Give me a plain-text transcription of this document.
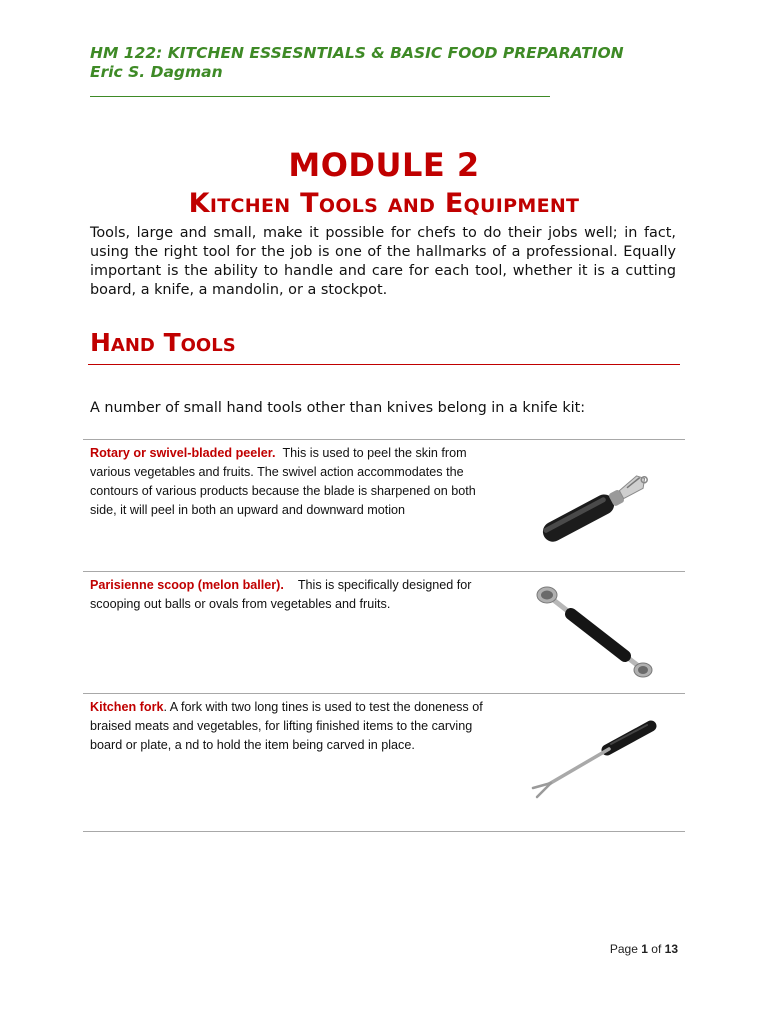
HM 122: KITCHEN ESSESNTIALS & BASIC FOOD PREPARATION
Eric S. Dagman
MODULE 2
Kitchen Tools and Equipment

Tools, large and small, make it possible for chefs to do their jobs well; in fact, using the right tool for the job is one of the hallmarks of a professional. Equally important is the ability to handle and care for each tool, whether it is a cutting board, a knife, a mandolin, or a stockpot.

Hand Tools
A number of small hand tools other than knives belong in a knife kit:

Rotary or swivel-bladed peeler. This is used to peel the skin from various vegetables and fruits. The swivel action accommodates the contours of various products because the blade is sharpened on both side, it will peel in both an upward and downward motion

Parisienne scoop (melon baller). This is specifically designed for scooping out balls or ovals from vegetables and fruits.

Kitchen fork. A fork with two long tines is used to test the doneness of braised meats and vegetables, for lifting finished items to the carving board or plate, a nd to hold the item being carved in place.

Page 1 of 13
